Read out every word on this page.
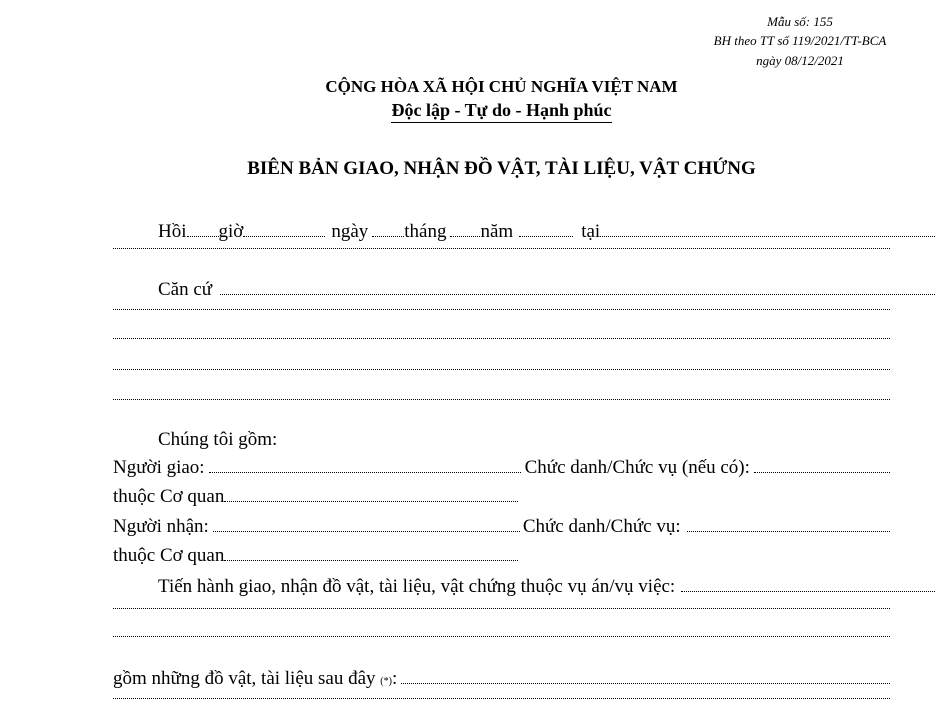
Mẫu số: 155
BH theo TT số 119/2021/TT-BCA
ngày 08/12/2021
CỘNG HÒA XÃ HỘI CHỦ NGHĨA VIỆT NAM
Độc lập - Tự do - Hạnh phúc
BIÊN BẢN GIAO, NHẬN ĐỒ VẬT, TÀI LIỆU, VẬT CHỨNG
Hồi giờ	ngày tháng năm	tại
Căn cứ
Chúng tôi gồm:
Người giao:	Chức danh/Chức vụ (nếu có):
thuộc Cơ quan
Người nhận:	Chức danh/Chức vụ:
thuộc Cơ quan
Tiến hành giao, nhận đồ vật, tài liệu, vật chứng thuộc vụ án/vụ việc:
gồm những đồ vật, tài liệu sau đây
(*) :
